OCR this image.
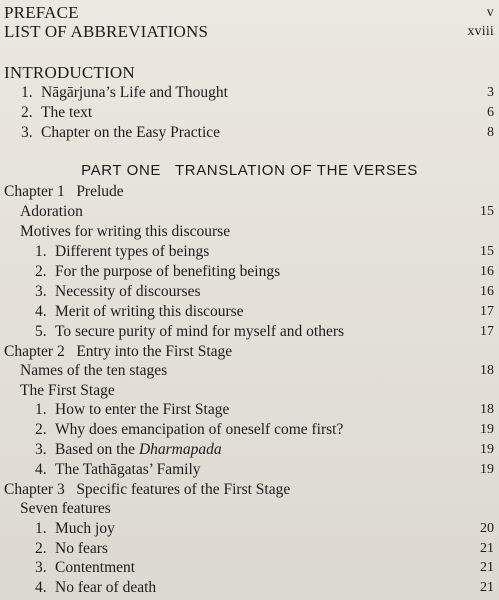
PREFACE	v
LIST OF ABBREVIATIONS	xviii
INTRODUCTION
1. Nāgārjuna’s Life and Thought	3
2. The text	6
3. Chapter on the Easy Practice	8
PART ONE   TRANSLATION OF THE VERSES
Chapter 1   Prelude
Adoration	15
Motives for writing this discourse
1. Different types of beings	15
2. For the purpose of benefiting beings	16
3. Necessity of discourses	16
4. Merit of writing this discourse	17
5. To secure purity of mind for myself and others	17
Chapter 2   Entry into the First Stage
Names of the ten stages	18
The First Stage
1. How to enter the First Stage	18
2. Why does emancipation of oneself come first?	19
3. Based on the Dharmapada	19
4. The Tathāgatas’ Family	19
Chapter 3   Specific features of the First Stage
Seven features
1. Much joy	20
2. No fears	21
3. Contentment	21
4. No fear of death	21
